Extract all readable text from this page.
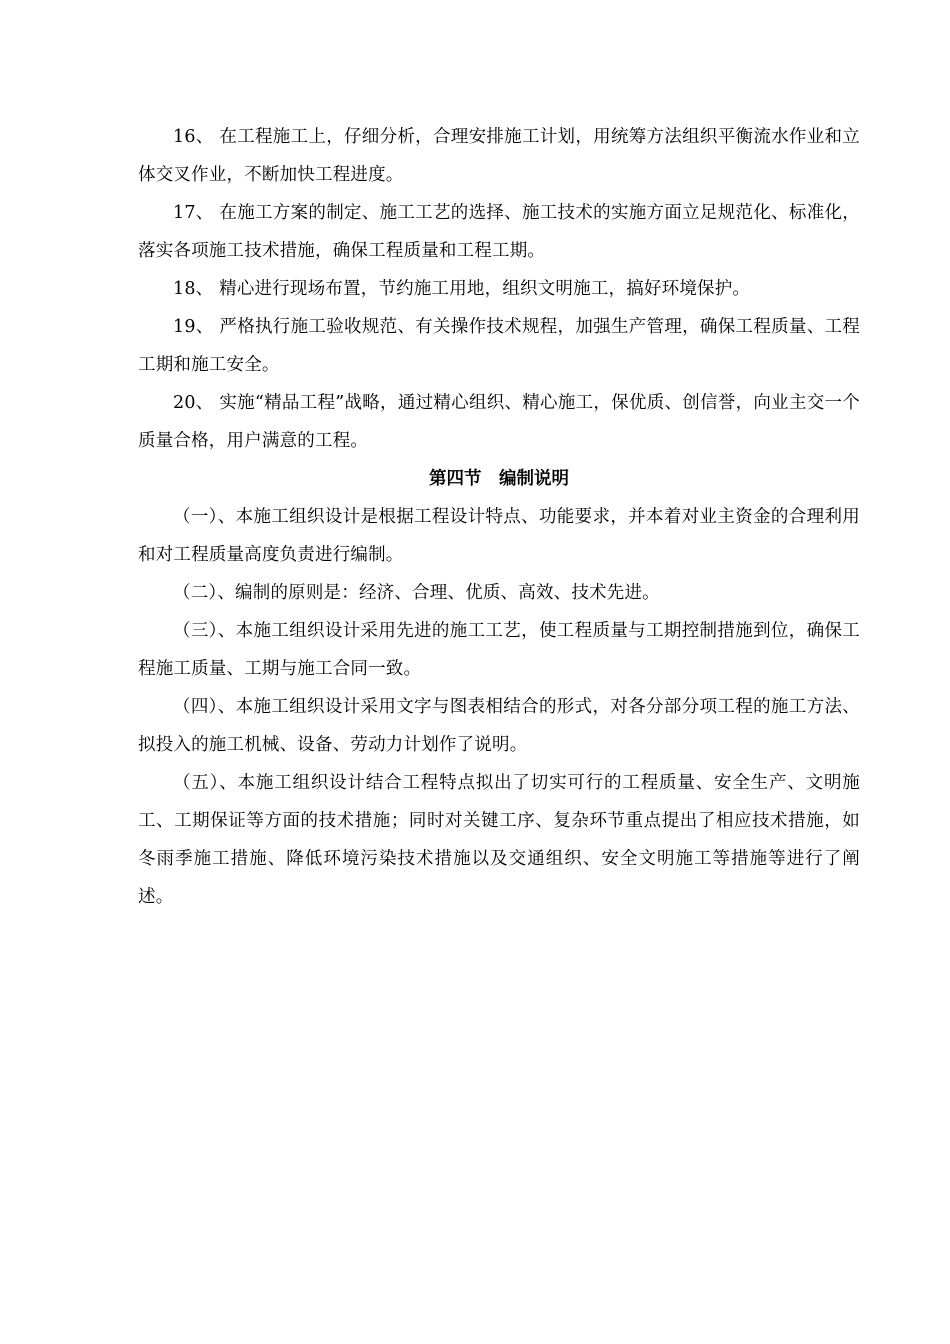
16、 在工程施工上，仔细分析，合理安排施工计划，用统筹方法组织平衡流水作业和立体交叉作业，不断加快工程进度。

17、 在施工方案的制定、施工工艺的选择、施工技术的实施方面立足规范化、标准化，落实各项施工技术措施，确保工程质量和工程工期。

18、 精心进行现场布置，节约施工用地，组织文明施工，搞好环境保护。

19、 严格执行施工验收规范、有关操作技术规程，加强生产管理，确保工程质量、工程工期和施工安全。

20、 实施“精品工程”战略，通过精心组织、精心施工，保优质、创信誉，向业主交一个质量合格，用户满意的工程。

第四节　编制说明

（一）、本施工组织设计是根据工程设计特点、功能要求，并本着对业主资金的合理利用和对工程质量高度负责进行编制。

（二）、编制的原则是：经济、合理、优质、高效、技术先进。

（三）、本施工组织设计采用先进的施工工艺，使工程质量与工期控制措施到位，确保工程施工质量、工期与施工合同一致。

（四）、本施工组织设计采用文字与图表相结合的形式，对各分部分项工程的施工方法、拟投入的施工机械、设备、劳动力计划作了说明。

（五）、本施工组织设计结合工程特点拟出了切实可行的工程质量、安全生产、文明施工、工期保证等方面的技术措施；同时对关键工序、复杂环节重点提出了相应技术措施，如冬雨季施工措施、降低环境污染技术措施以及交通组织、安全文明施工等措施等进行了阐述。
